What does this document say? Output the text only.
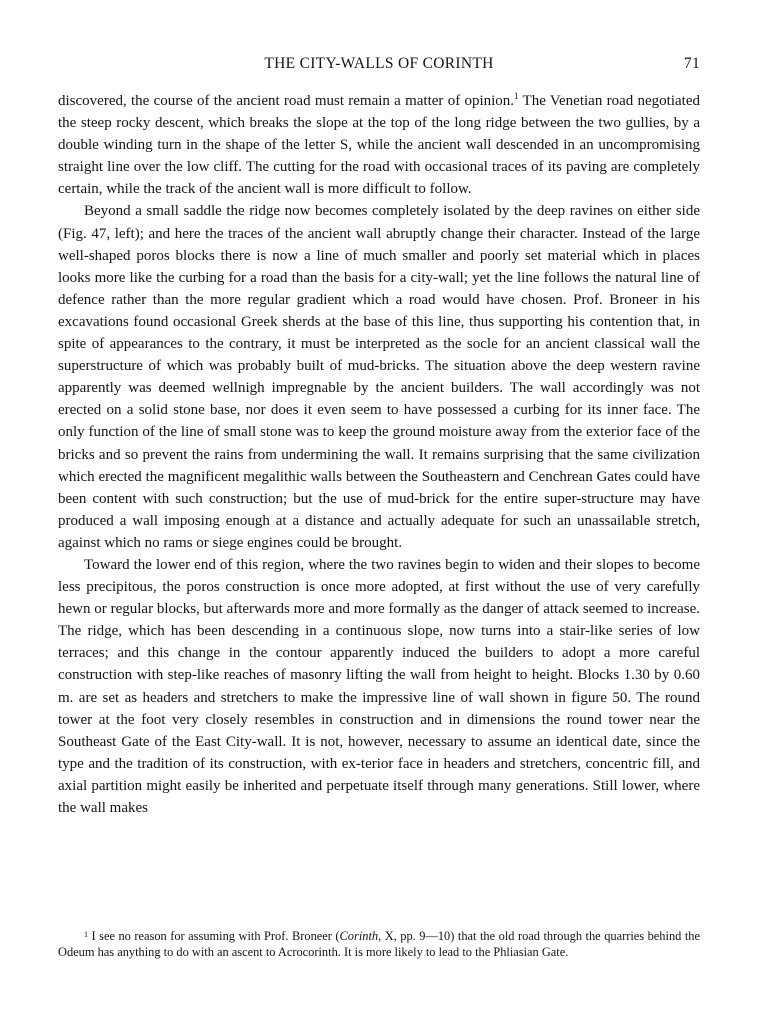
THE CITY-WALLS OF CORINTH	71

discovered, the course of the ancient road must remain a matter of opinion.$^1$ The Venetian road negotiated the steep rocky descent, which breaks the slope at the top of the long ridge between the two gullies, by a double winding turn in the shape of the letter S, while the ancient wall descended in an uncompromising straight line over the low cliff. The cutting for the road with occasional traces of its paving are completely certain, while the track of the ancient wall is more difficult to follow.

Beyond a small saddle the ridge now becomes completely isolated by the deep ravines on either side (Fig. 47, left); and here the traces of the ancient wall abruptly change their character. Instead of the large well-shaped poros blocks there is now a line of much smaller and poorly set material which in places looks more like the curbing for a road than the basis for a city-wall; yet the line follows the natural line of defence rather than the more regular gradient which a road would have chosen. Prof. Broneer in his excavations found occasional Greek sherds at the base of this line, thus supporting his contention that, in spite of appearances to the contrary, it must be interpreted as the socle for an ancient classical wall the superstructure of which was probably built of mud-bricks. The situation above the deep western ravine apparently was deemed wellnigh impregnable by the ancient builders. The wall accordingly was not erected on a solid stone base, nor does it even seem to have possessed a curbing for its inner face. The only function of the line of small stone was to keep the ground moisture away from the exterior face of the bricks and so prevent the rains from undermining the wall. It remains surprising that the same civilization which erected the magnificent megalithic walls between the Southeastern and Cenchrean Gates could have been content with such construction; but the use of mud-brick for the entire super-structure may have produced a wall imposing enough at a distance and actually adequate for such an unassailable stretch, against which no rams or siege engines could be brought.

Toward the lower end of this region, where the two ravines begin to widen and their slopes to become less precipitous, the poros construction is once more adopted, at first without the use of very carefully hewn or regular blocks, but afterwards more and more formally as the danger of attack seemed to increase. The ridge, which has been descending in a continuous slope, now turns into a stair-like series of low terraces; and this change in the contour apparently induced the builders to adopt a more careful construction with step-like reaches of masonry lifting the wall from height to height. Blocks 1.30 by 0.60 m. are set as headers and stretchers to make the impressive line of wall shown in figure 50. The round tower at the foot very closely resembles in construction and in dimensions the round tower near the Southeast Gate of the East City-wall. It is not, however, necessary to assume an identical date, since the type and the tradition of its construction, with ex-terior face in headers and stretchers, concentric fill, and axial partition might easily be inherited and perpetuate itself through many generations. Still lower, where the wall makes

$^1$ I see no reason for assuming with Prof. Broneer (Corinth, X, pp. 9—10) that the old road through the quarries behind the Odeum has anything to do with an ascent to Acrocorinth. It is more likely to lead to the Phliasian Gate.
